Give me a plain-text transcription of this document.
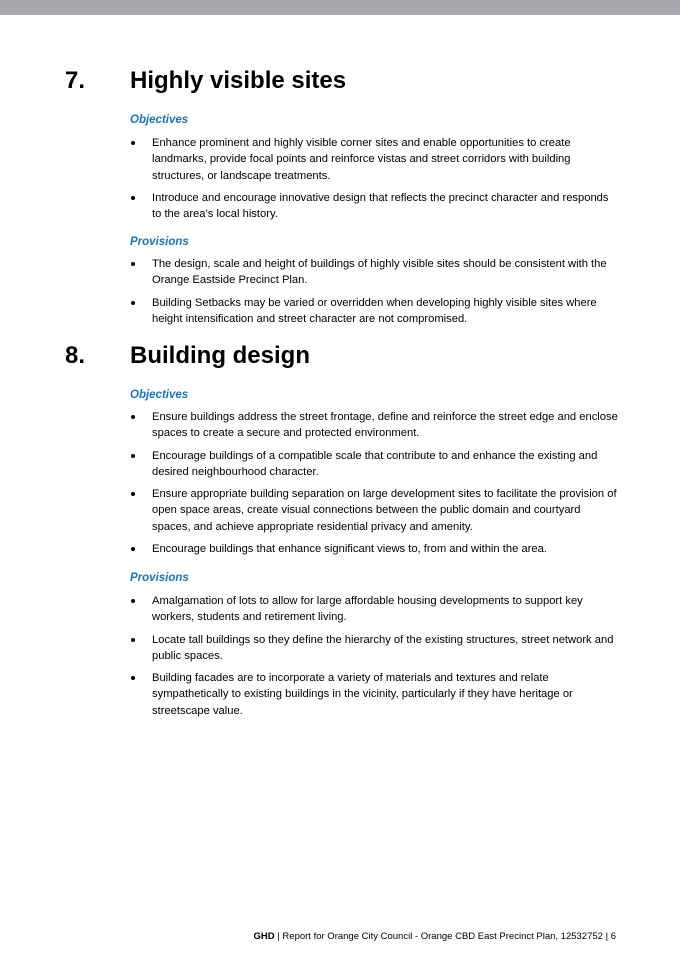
7. Highly visible sites
Objectives
Enhance prominent and highly visible corner sites and enable opportunities to create landmarks, provide focal points and reinforce vistas and street corridors with building structures, or landscape treatments.
Introduce and encourage innovative design that reflects the precinct character and responds to the area’s local history.
Provisions
The design, scale and height of buildings of highly visible sites should be consistent with the Orange Eastside Precinct Plan.
Building Setbacks may be varied or overridden when developing highly visible sites where height intensification and street character are not compromised.
8. Building design
Objectives
Ensure buildings address the street frontage, define and reinforce the street edge and enclose spaces to create a secure and protected environment.
Encourage buildings of a compatible scale that contribute to and enhance the existing and desired neighbourhood character.
Ensure appropriate building separation on large development sites to facilitate the provision of open space areas, create visual connections between the public domain and courtyard spaces, and achieve appropriate residential privacy and amenity.
Encourage buildings that enhance significant views to, from and within the area.
Provisions
Amalgamation of lots to allow for large affordable housing developments to support key workers, students and retirement living.
Locate tall buildings so they define the hierarchy of the existing structures, street network and public spaces.
Building facades are to incorporate a variety of materials and textures and relate sympathetically to existing buildings in the vicinity, particularly if they have heritage or streetscape value.
GHD | Report for Orange City Council - Orange CBD East Precinct Plan, 12532752 | 6
